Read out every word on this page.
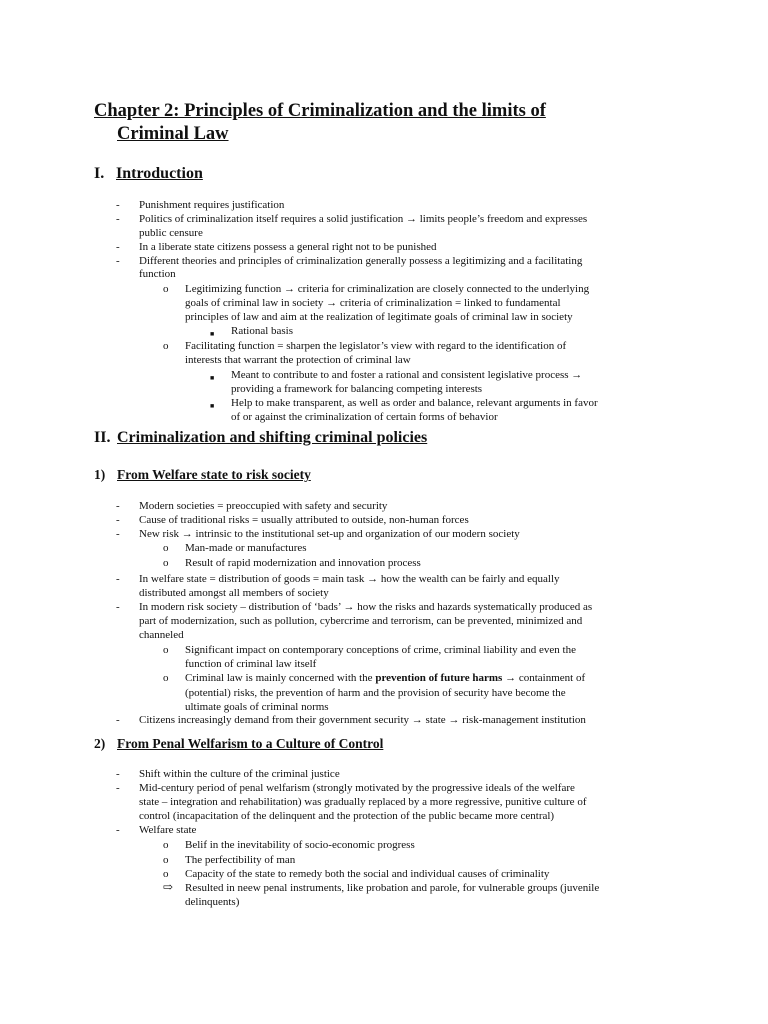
Chapter 2: Principles of Criminalization and the limits of
Criminal Law
I. Introduction
- Punishment requires justification
- Politics of criminalization itself requires a solid justification → limits people’s freedom and expresses
public censure
- In a liberate state citizens possess a general right not to be punished
- Different theories and principles of criminalization generally possess a legitimizing and a facilitating
function
o Legitimizing function → criteria for criminalization are closely connected to the underlying
goals of criminal law in society → criteria of criminalization = linked to fundamental
principles of law and aim at the realization of legitimate goals of criminal law in society
■ Rational basis
o Facilitating function = sharpen the legislator’s view with regard to the identification of
interests that warrant the protection of criminal law
■ Meant to contribute to and foster a rational and consistent legislative process →
providing a framework for balancing competing interests
■ Help to make transparent, as well as order and balance, relevant arguments in favor
of or against the criminalization of certain forms of behavior
II. Criminalization and shifting criminal policies
1) From Welfare state to risk society
- Modern societies = preoccupied with safety and security
- Cause of traditional risks = usually attributed to outside, non-human forces
- New risk → intrinsic to the institutional set-up and organization of our modern society
o Man-made or manufactures
o Result of rapid modernization and innovation process
- In welfare state = distribution of goods = main task → how the wealth can be fairly and equally
distributed amongst all members of society
- In modern risk society – distribution of ‘bads’ → how the risks and hazards systematically produced as
part of modernization, such as pollution, cybercrime and terrorism, can be prevented, minimized and
channeled
o Significant impact on contemporary conceptions of crime, criminal liability and even the
function of criminal law itself
o Criminal law is mainly concerned with the prevention of future harms → containment of
(potential) risks, the prevention of harm and the provision of security have become the
ultimate goals of criminal norms
- Citizens increasingly demand from their government security → state → risk-management institution
2) From Penal Welfarism to a Culture of Control
- Shift within the culture of the criminal justice
- Mid-century period of penal welfarism (strongly motivated by the progressive ideals of the welfare
state – integration and rehabilitation) was gradually replaced by a more regressive, punitive culture of
control (incapacitation of the delinquent and the protection of the public became more central)
- Welfare state
o Belif in the inevitability of socio-economic progress
o The perfectibility of man
o Capacity of the state to remedy both the social and individual causes of criminality
⇨ Resulted in neew penal instruments, like probation and parole, for vulnerable groups (juvenile
delinquents)
